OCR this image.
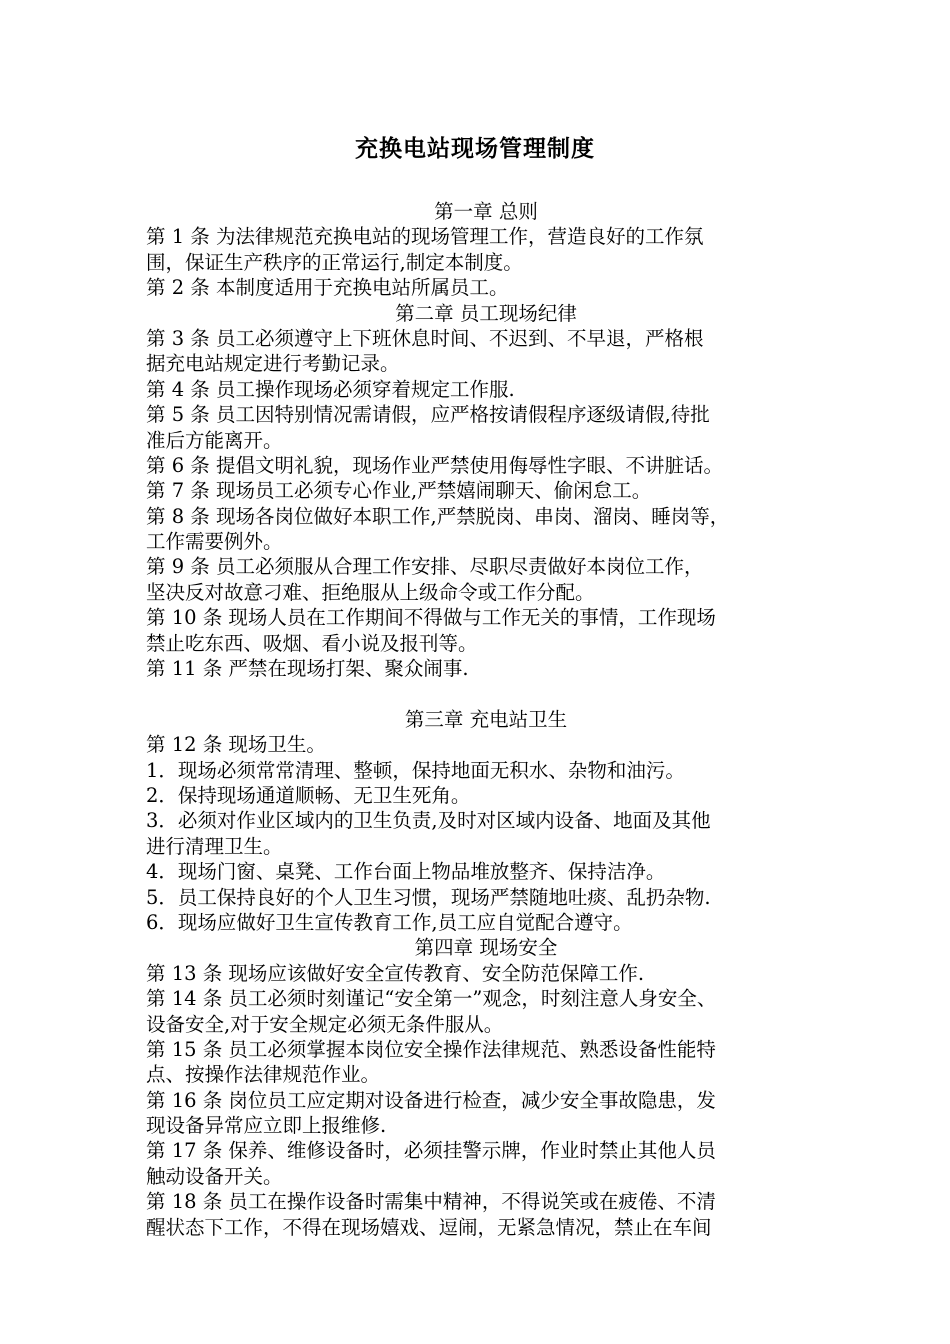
充换电站现场管理制度
第一章 总则
第 1 条 为法律规范充换电站的现场管理工作，营造良好的工作氛
围，保证生产秩序的正常运行,制定本制度。
第 2 条 本制度适用于充换电站所属员工。
第二章 员工现场纪律
第 3 条 员工必须遵守上下班休息时间、不迟到、不早退，严格根
据充电站规定进行考勤记录。
第 4 条 员工操作现场必须穿着规定工作服.
第 5 条 员工因特别情况需请假，应严格按请假程序逐级请假,待批
准后方能离开。
第 6 条 提倡文明礼貌，现场作业严禁使用侮辱性字眼、不讲脏话。
第 7 条 现场员工必须专心作业,严禁嬉闹聊天、偷闲怠工。
第 8 条 现场各岗位做好本职工作,严禁脱岗、串岗、溜岗、睡岗等，
工作需要例外。
第 9 条 员工必须服从合理工作安排、尽职尽责做好本岗位工作，
坚决反对故意刁难、拒绝服从上级命令或工作分配。
第 10 条 现场人员在工作期间不得做与工作无关的事情，工作现场
禁止吃东西、吸烟、看小说及报刊等。
第 11 条 严禁在现场打架、聚众闹事.
第三章 充电站卫生
第 12 条 现场卫生。
1．现场必须常常清理、整顿，保持地面无积水、杂物和油污。
2．保持现场通道顺畅、无卫生死角。
3．必须对作业区域内的卫生负责,及时对区域内设备、地面及其他
进行清理卫生。
4．现场门窗、桌凳、工作台面上物品堆放整齐、保持洁净。
5．员工保持良好的个人卫生习惯，现场严禁随地吐痰、乱扔杂物.
6．现场应做好卫生宣传教育工作,员工应自觉配合遵守。
第四章 现场安全
第 13 条 现场应该做好安全宣传教育、安全防范保障工作.
第 14 条 员工必须时刻谨记“安全第一”观念，时刻注意人身安全、
设备安全,对于安全规定必须无条件服从。
第 15 条 员工必须掌握本岗位安全操作法律规范、熟悉设备性能特
点、按操作法律规范作业。
第 16 条 岗位员工应定期对设备进行检查，减少安全事故隐患，发
现设备异常应立即上报维修.
第 17 条 保养、维修设备时，必须挂警示牌，作业时禁止其他人员
触动设备开关。
第 18 条 员工在操作设备时需集中精神，不得说笑或在疲倦、不清
醒状态下工作，不得在现场嬉戏、逗闹，无紧急情况，禁止在车间
